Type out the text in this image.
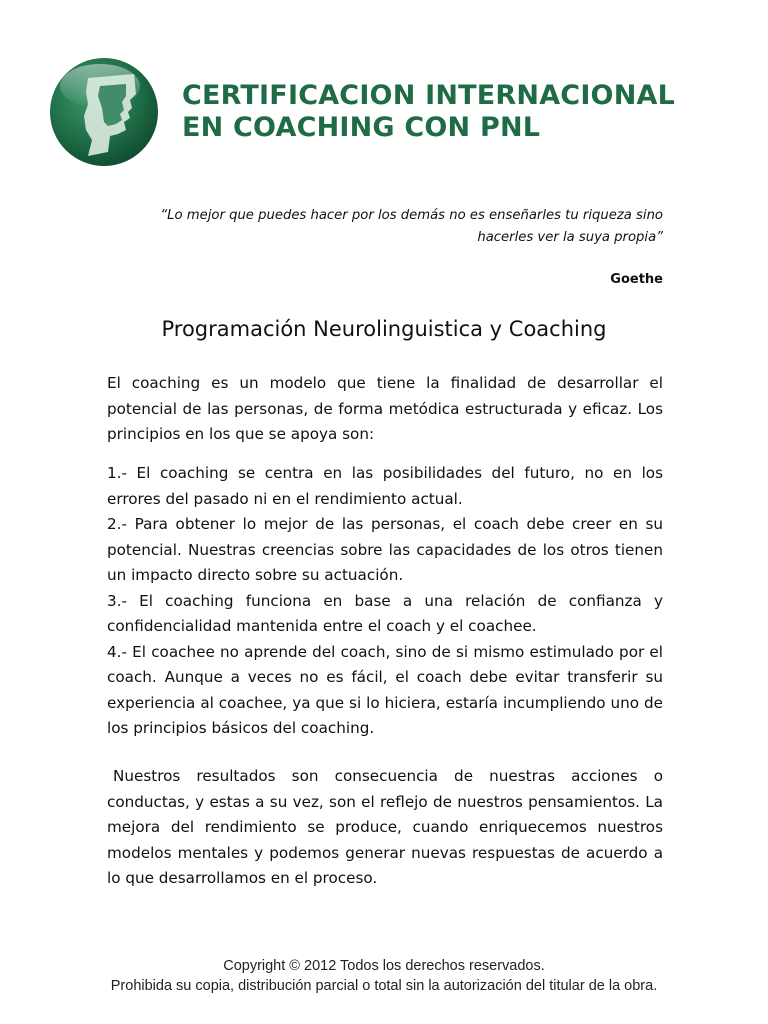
CERTIFICACION INTERNACIONAL
EN COACHING CON PNL
“Lo mejor que puedes hacer por los demás no es enseñarles tu riqueza sino hacerles ver la suya propia”
Goethe
Programación Neurolinguistica y Coaching

El coaching es un modelo que tiene la finalidad de desarrollar el potencial de las personas, de forma metódica estructurada y eficaz. Los principios en los que se apoya son:

1.- El coaching se centra en las posibilidades del futuro, no en los errores del pasado ni en el rendimiento actual.

2.- Para obtener lo mejor de las personas, el coach debe creer en su potencial. Nuestras creencias sobre las capacidades de los otros tienen un impacto directo sobre su actuación.

3.- El coaching funciona en base a una relación de confianza y confidencialidad mantenida entre el coach y el coachee.

4.- El coachee no aprende del coach, sino de si mismo estimulado por el coach. Aunque a veces no es fácil, el coach debe evitar transferir su experiencia al coachee, ya que si lo hiciera, estaría incumpliendo uno de los principios básicos del coaching.

Nuestros resultados son consecuencia de nuestras acciones o conductas, y estas a su vez, son el reflejo de nuestros pensamientos. La mejora del rendimiento se produce, cuando enriquecemos nuestros modelos mentales y podemos generar nuevas respuestas de acuerdo a lo que desarrollamos en el proceso.

Copyright © 2012 Todos los derechos reservados.
Prohibida su copia, distribución parcial o total sin la autorización del titular de la obra.
